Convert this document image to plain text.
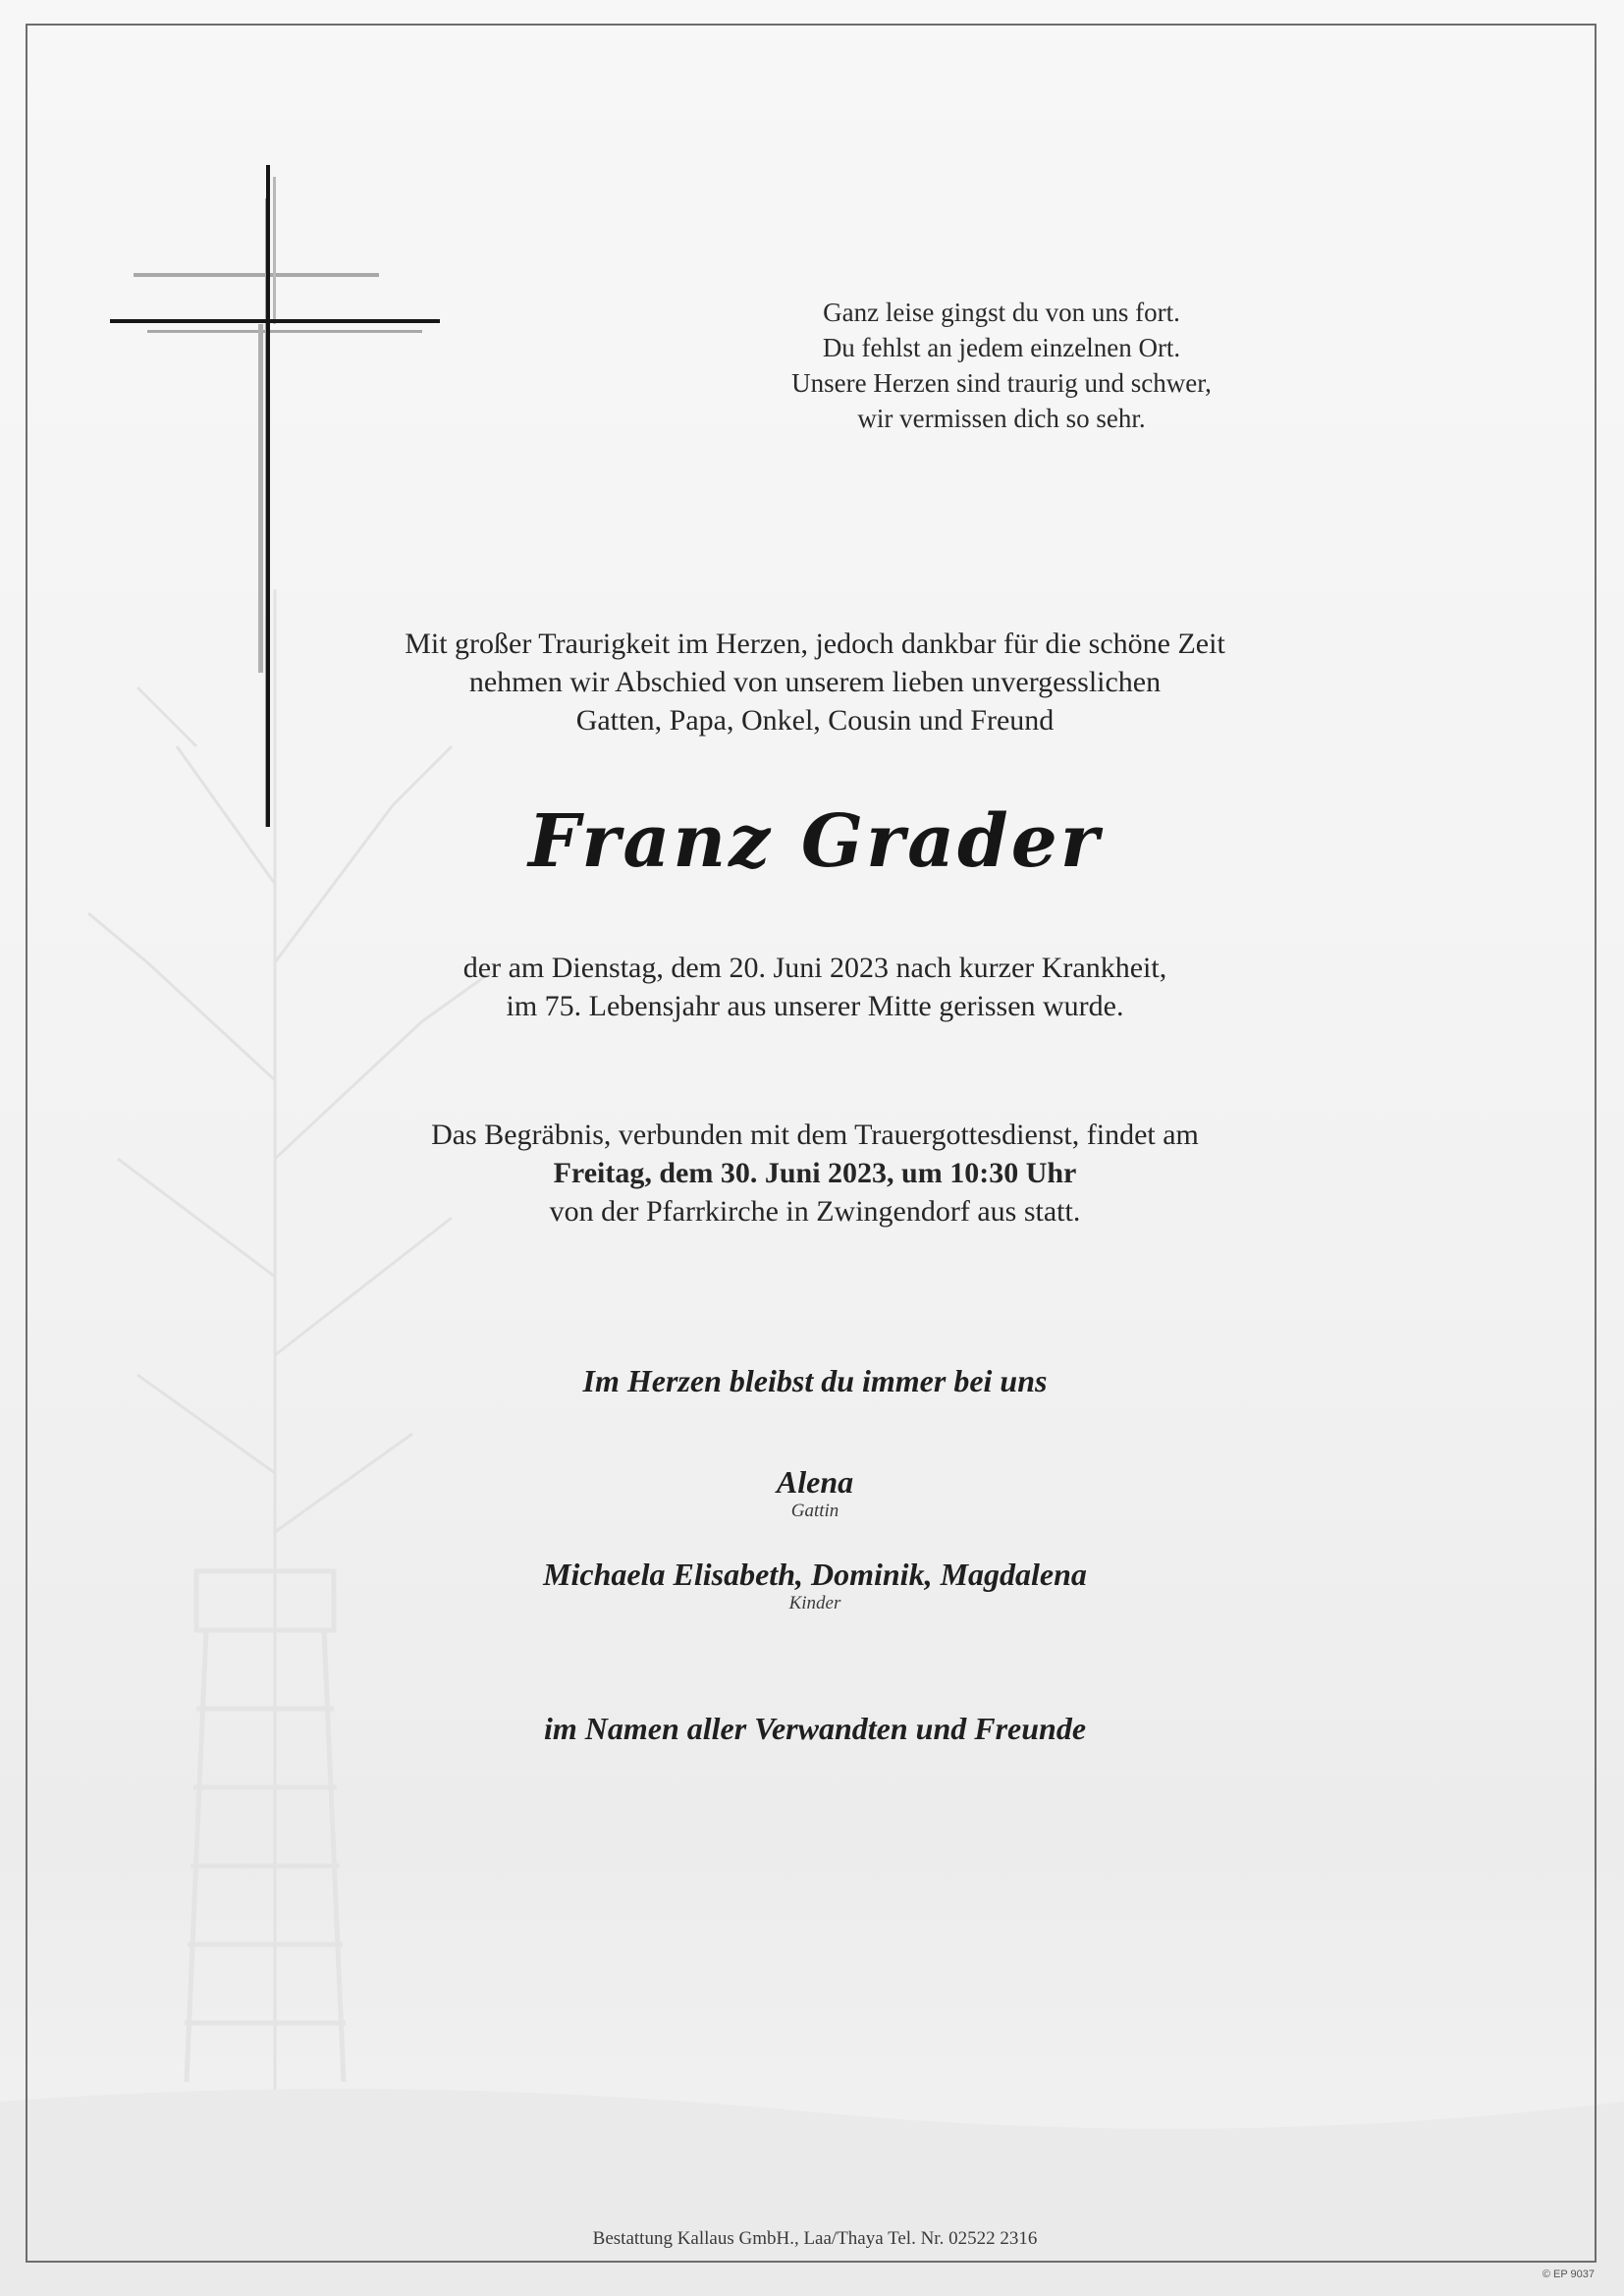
Ganz leise gingst du von uns fort.
Du fehlst an jedem einzelnen Ort.
Unsere Herzen sind traurig und schwer,
wir vermissen dich so sehr.
Mit großer Traurigkeit im Herzen, jedoch dankbar für die schöne Zeit
nehmen wir Abschied von unserem lieben unvergesslichen
Gatten, Papa, Onkel, Cousin und Freund
Franz Grader
der am Dienstag, dem 20. Juni 2023 nach kurzer Krankheit,
im 75. Lebensjahr aus unserer Mitte gerissen wurde.
Das Begräbnis, verbunden mit dem Trauergottesdienst, findet am
Freitag, dem 30. Juni 2023, um 10:30 Uhr
von der Pfarrkirche in Zwingendorf aus statt.
Im Herzen bleibst du immer bei uns
Alena
Gattin
Michaela Elisabeth, Dominik, Magdalena
Kinder
im Namen aller Verwandten und Freunde
Bestattung Kallaus GmbH., Laa/Thaya Tel. Nr. 02522 2316
© EP 9037
